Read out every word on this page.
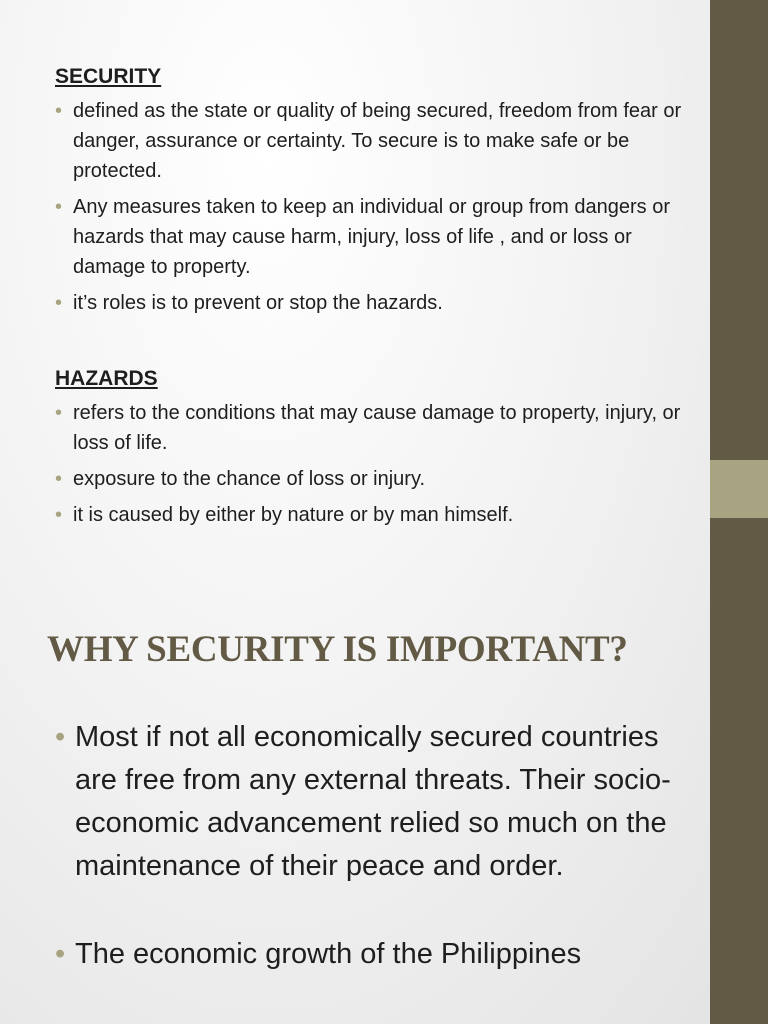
SECURITY
• defined as the state or quality of being secured, freedom from fear or danger, assurance or certainty. To secure is to make safe or be protected.
• Any measures taken to keep an individual or group from dangers or hazards that may cause harm, injury, loss of life , and or loss or damage to property.
• it’s roles is to prevent or stop the hazards.
HAZARDS
• refers to the conditions that may cause damage to property, injury, or loss of life.
• exposure to the chance of loss or injury.
• it is caused by either by nature or by man himself.
WHY SECURITY IS IMPORTANT?
• Most if not all economically secured countries are free from any external threats. Their socio-economic advancement relied so much on the maintenance of their peace and order.
• The economic growth of the Philippines
